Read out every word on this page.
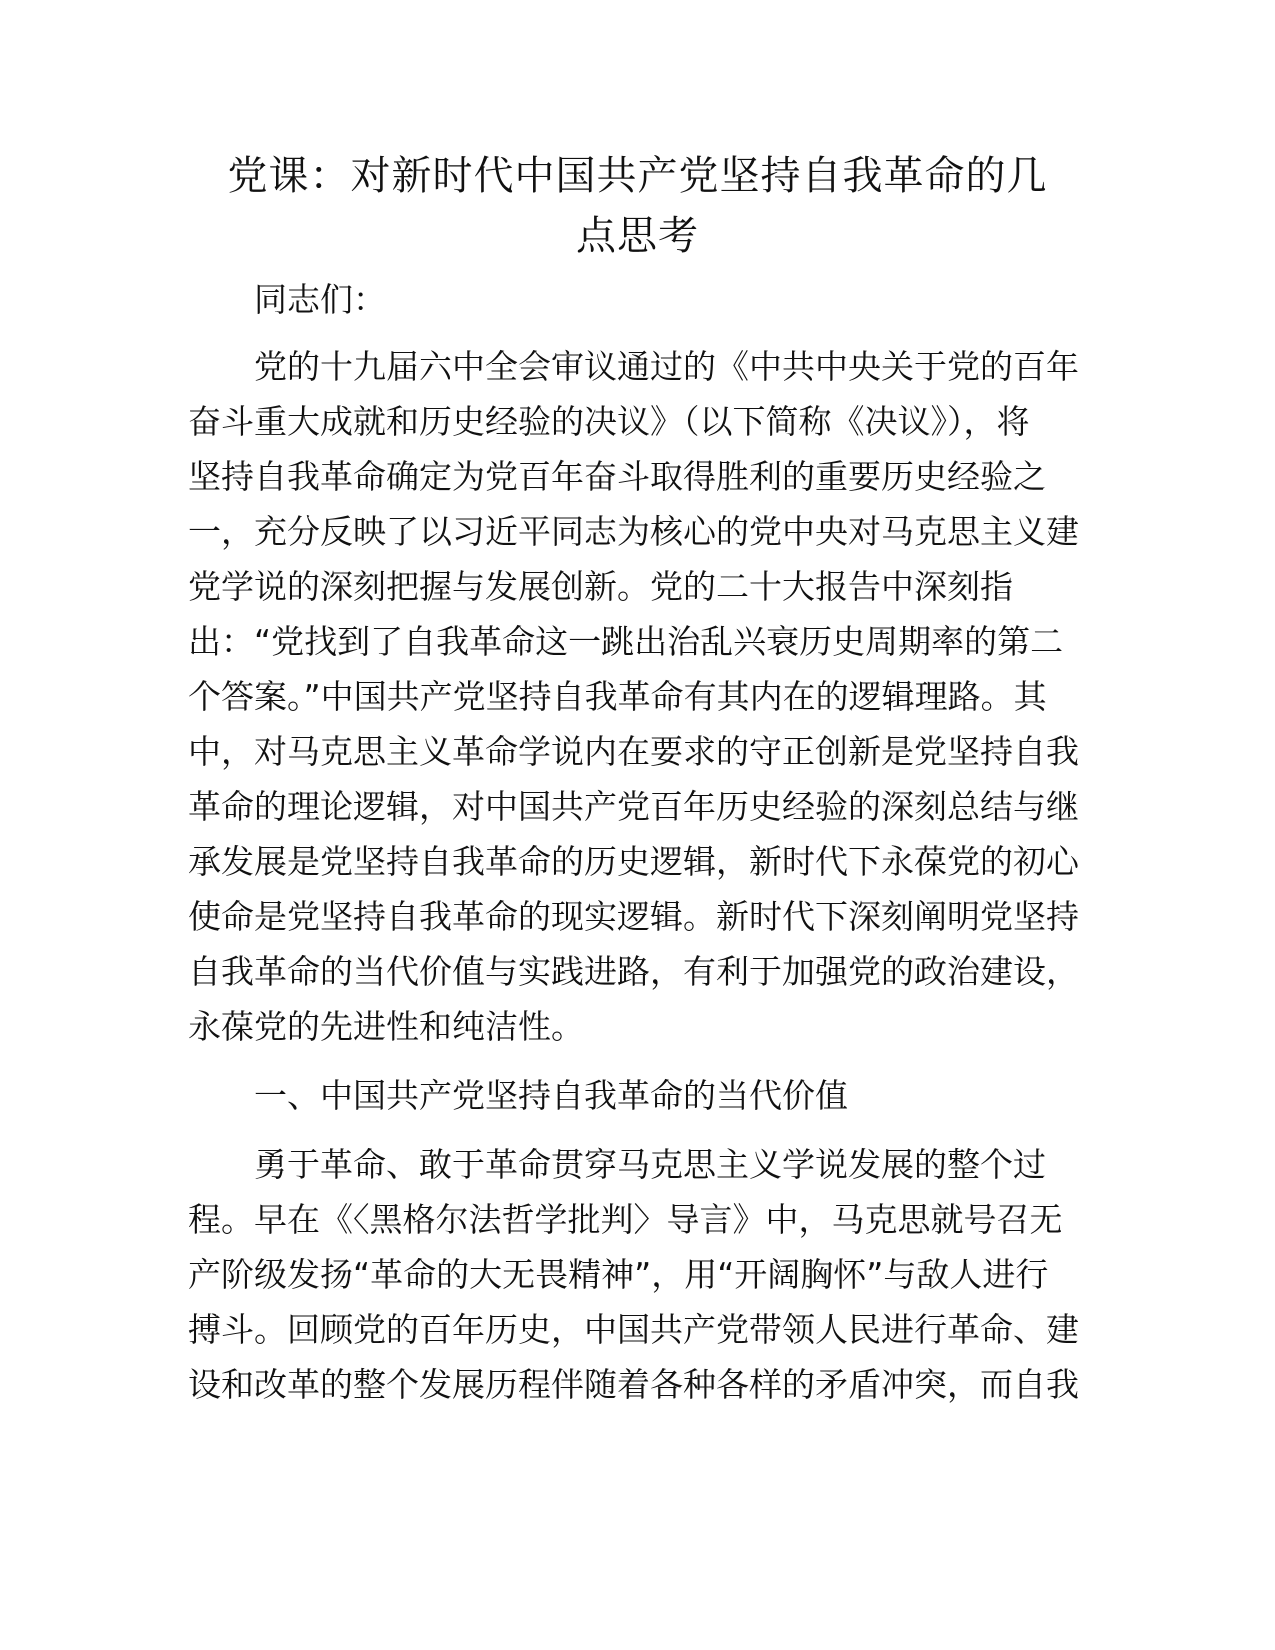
党课：对新时代中国共产党坚持自我革命的几
点思考

同志们：

党的十九届六中全会审议通过的《中共中央关于党的百年

奋斗重大成就和历史经验的决议》（以下简称《决议》），将

坚持自我革命确定为党百年奋斗取得胜利的重要历史经验之

一，充分反映了以习近平同志为核心的党中央对马克思主义建

党学说的深刻把握与发展创新。党的二十大报告中深刻指

出：“党找到了自我革命这一跳出治乱兴衰历史周期率的第二

个答案。”中国共产党坚持自我革命有其内在的逻辑理路。其

中，对马克思主义革命学说内在要求的守正创新是党坚持自我

革命的理论逻辑，对中国共产党百年历史经验的深刻总结与继

承发展是党坚持自我革命的历史逻辑，新时代下永葆党的初心

使命是党坚持自我革命的现实逻辑。新时代下深刻阐明党坚持

自我革命的当代价值与实践进路，有利于加强党的政治建设，

永葆党的先进性和纯洁性。

一、中国共产党坚持自我革命的当代价值

勇于革命、敢于革命贯穿马克思主义学说发展的整个过

程。早在《〈黑格尔法哲学批判〉导言》中，马克思就号召无

产阶级发扬“革命的大无畏精神”，用“开阔胸怀”与敌人进行

搏斗。回顾党的百年历史，中国共产党带领人民进行革命、建

设和改革的整个发展历程伴随着各种各样的矛盾冲突，而自我
